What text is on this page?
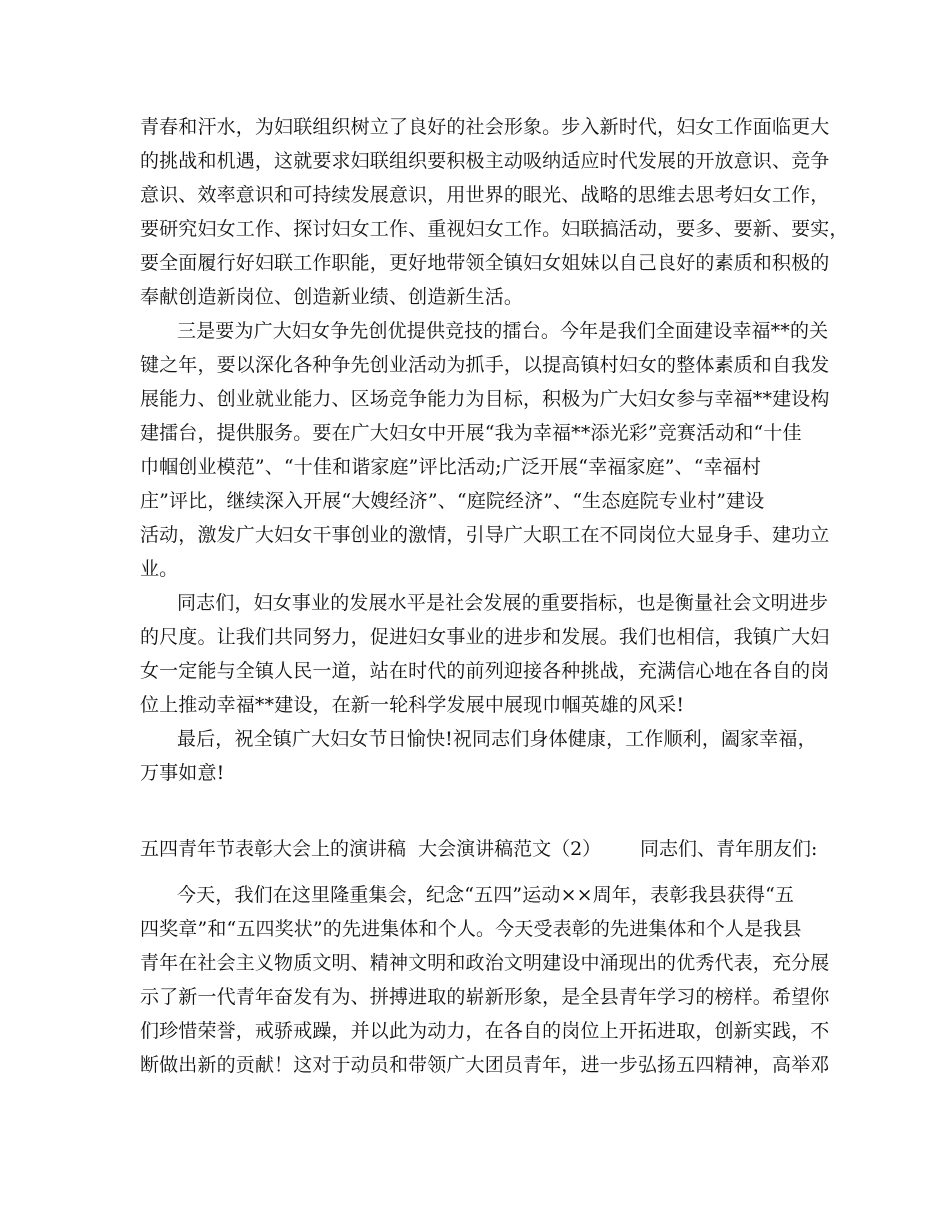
青春和汗水，为妇联组织树立了良好的社会形象。步入新时代，妇女工作面临更大
的挑战和机遇，这就要求妇联组织要积极主动吸纳适应时代发展的开放意识、竞争
意识、效率意识和可持续发展意识，用世界的眼光、战略的思维去思考妇女工作，
要研究妇女工作、探讨妇女工作、重视妇女工作。妇联搞活动，要多、要新、要实，
要全面履行好妇联工作职能，更好地带领全镇妇女姐妹以自己良好的素质和积极的
奉献创造新岗位、创造新业绩、创造新生活。
三是要为广大妇女争先创优提供竞技的擂台。今年是我们全面建设幸福**的关
键之年，要以深化各种争先创业活动为抓手，以提高镇村妇女的整体素质和自我发
展能力、创业就业能力、区场竞争能力为目标，积极为广大妇女参与幸福**建设构
建擂台，提供服务。要在广大妇女中开展“我为幸福**添光彩”竞赛活动和“十佳
巾帼创业模范”、“十佳和谐家庭”评比活动;广泛开展“幸福家庭”、“幸福村
庄”评比，继续深入开展“大嫂经济”、“庭院经济”、“生态庭院专业村”建设
活动，激发广大妇女干事创业的激情，引导广大职工在不同岗位大显身手、建功立
业。
同志们，妇女事业的发展水平是社会发展的重要指标，也是衡量社会文明进步
的尺度。让我们共同努力，促进妇女事业的进步和发展。我们也相信，我镇广大妇
女一定能与全镇人民一道，站在时代的前列迎接各种挑战，充满信心地在各自的岗
位上推动幸福**建设，在新一轮科学发展中展现巾帼英雄的风采!
最后，祝全镇广大妇女节日愉快!祝同志们身体健康，工作顺利，阖家幸福，
万事如意!
五四青年节表彰大会上的演讲稿  大会演讲稿范文（2） 同志们、青年朋友们:
今天，我们在这里隆重集会，纪念“五四”运动××周年，表彰我县获得“五
四奖章”和“五四奖状”的先进集体和个人。今天受表彰的先进集体和个人是我县
青年在社会主义物质文明、精神文明和政治文明建设中涌现出的优秀代表，充分展
示了新一代青年奋发有为、拼搏进取的崭新形象，是全县青年学习的榜样。希望你
们珍惜荣誉，戒骄戒躁，并以此为动力，在各自的岗位上开拓进取，创新实践，不
断做出新的贡献！这对于动员和带领广大团员青年，进一步弘扬五四精神，高举邓
